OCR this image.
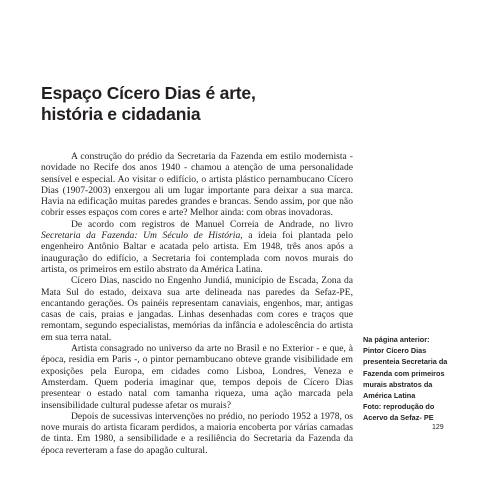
Espaço Cícero Dias é arte,
história e cidadania

A construção do prédio da Secretaria da Fazenda em estilo modernista - novidade no Recife dos anos 1940 - chamou a atenção de uma personalidade sensível e especial. Ao visitar o edifício, o artista plástico pernambucano Cícero Dias (1907-2003) enxergou ali um lugar importante para deixar a sua marca. Havia na edificação muitas paredes grandes e brancas. Sendo assim, por que não cobrir esses espaços com cores e arte? Melhor ainda: com obras inovadoras.

De acordo com registros de Manuel Correia de Andrade, no livro Secretaria da Fazenda: Um Século de História, a ideia foi plantada pelo engenheiro Antônio Baltar e acatada pelo artista. Em 1948, três anos após a inauguração do edifício, a Secretaria foi contemplada com novos murais do artista, os primeiros em estilo abstrato da América Latina.

Cícero Dias, nascido no Engenho Jundiá, município de Escada, Zona da Mata Sul do estado, deixava sua arte delineada nas paredes da Sefaz-PE, encantando gerações. Os painéis representam canaviais, engenhos, mar, antigas casas de cais, praias e jangadas. Linhas desenhadas com cores e traços que remontam, segundo especialistas, memórias da infância e adolescência do artista em sua terra natal.

Artista consagrado no universo da arte no Brasil e no Exterior - e que, à época, residia em Paris -, o pintor pernambucano obteve grande visibilidade em exposições pela Europa, em cidades como Lisboa, Londres, Veneza e Amsterdam. Quem poderia imaginar que, tempos depois de Cícero Dias presentear o estado natal com tamanha riqueza, uma ação marcada pela insensibilidade cultural pudesse afetar os murais?

Depois de sucessivas intervenções no prédio, no período 1952 a 1978, os nove murais do artista ficaram perdidos, a maioria encoberta por várias camadas de tinta. Em 1980, a sensibilidade e a resiliência do Secretaria da Fazenda da época reverteram a fase do apagão cultural.

Na página anterior:
Pintor Cícero Dias
presenteia Secretaria da
Fazenda com primeiros
murais abstratos da
América Latina
Foto: reprodução do
Acervo da Sefaz- PE
129
